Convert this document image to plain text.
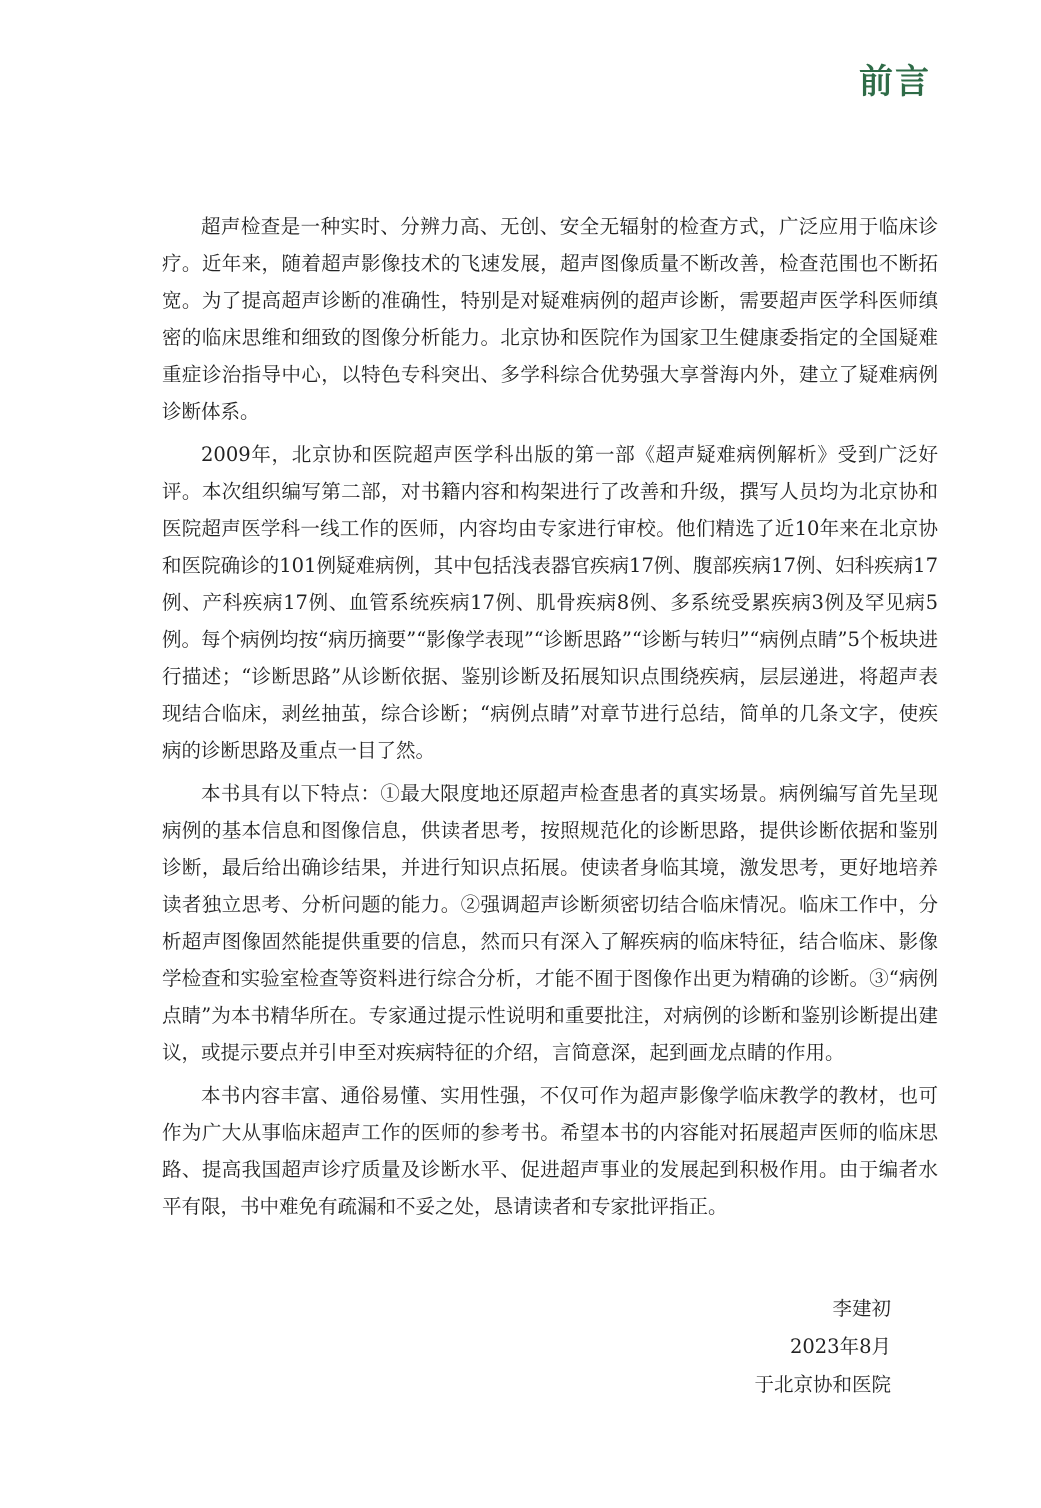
前言

超声检查是一种实时、分辨力高、无创、安全无辐射的检查方式，广泛应用于临床诊疗。近年来，随着超声影像技术的飞速发展，超声图像质量不断改善，检查范围也不断拓宽。为了提高超声诊断的准确性，特别是对疑难病例的超声诊断，需要超声医学科医师缜密的临床思维和细致的图像分析能力。北京协和医院作为国家卫生健康委指定的全国疑难重症诊治指导中心，以特色专科突出、多学科综合优势强大享誉海内外，建立了疑难病例诊断体系。

2009年，北京协和医院超声医学科出版的第一部《超声疑难病例解析》受到广泛好评。本次组织编写第二部，对书籍内容和构架进行了改善和升级，撰写人员均为北京协和医院超声医学科一线工作的医师，内容均由专家进行审校。他们精选了近10年来在北京协和医院确诊的101例疑难病例，其中包括浅表器官疾病17例、腹部疾病17例、妇科疾病17例、产科疾病17例、血管系统疾病17例、肌骨疾病8例、多系统受累疾病3例及罕见病5例。每个病例均按“病历摘要”“影像学表现”“诊断思路”“诊断与转归”“病例点睛”5个板块进行描述；“诊断思路”从诊断依据、鉴别诊断及拓展知识点围绕疾病，层层递进，将超声表现结合临床，剥丝抽茧，综合诊断；“病例点睛”对章节进行总结，简单的几条文字，使疾病的诊断思路及重点一目了然。

本书具有以下特点：①最大限度地还原超声检查患者的真实场景。病例编写首先呈现病例的基本信息和图像信息，供读者思考，按照规范化的诊断思路，提供诊断依据和鉴别诊断，最后给出确诊结果，并进行知识点拓展。使读者身临其境，激发思考，更好地培养读者独立思考、分析问题的能力。②强调超声诊断须密切结合临床情况。临床工作中，分析超声图像固然能提供重要的信息，然而只有深入了解疾病的临床特征，结合临床、影像学检查和实验室检查等资料进行综合分析，才能不囿于图像作出更为精确的诊断。③“病例点睛”为本书精华所在。专家通过提示性说明和重要批注，对病例的诊断和鉴别诊断提出建议，或提示要点并引申至对疾病特征的介绍，言简意深，起到画龙点睛的作用。

本书内容丰富、通俗易懂、实用性强，不仅可作为超声影像学临床教学的教材，也可作为广大从事临床超声工作的医师的参考书。希望本书的内容能对拓展超声医师的临床思路、提高我国超声诊疗质量及诊断水平、促进超声事业的发展起到积极作用。由于编者水平有限，书中难免有疏漏和不妥之处，恳请读者和专家批评指正。

李建初
2023年8月
于北京协和医院
